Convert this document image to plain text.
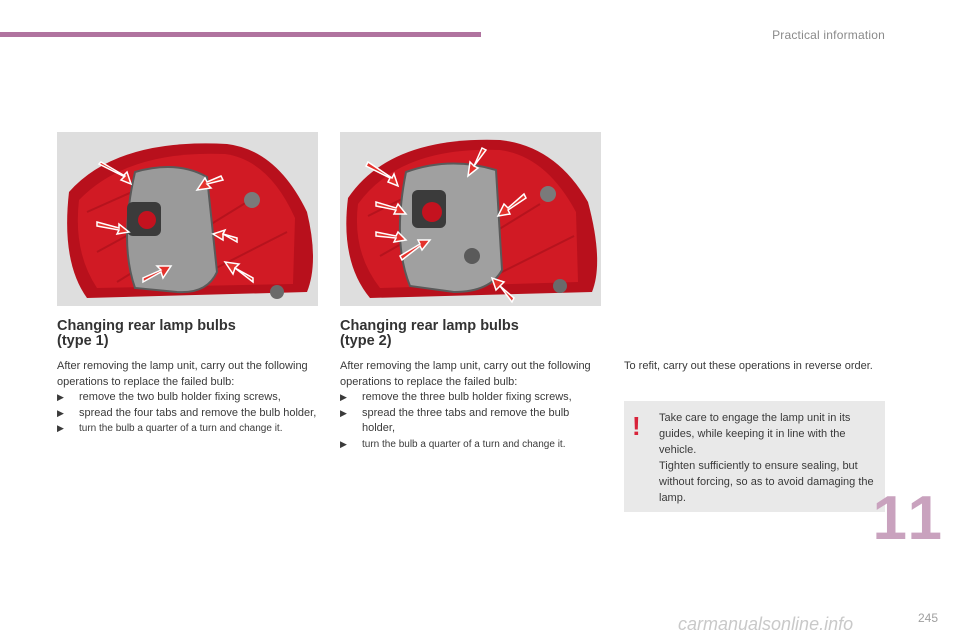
Practical information
Changing rear lamp bulbs
(type 1)
After removing the lamp unit, carry out the following operations to replace the failed bulb:
▶ remove the two bulb holder fixing screws,
▶ spread the four tabs and remove the bulb holder,
▶ turn the bulb a quarter of a turn and change it.
Changing rear lamp bulbs
(type 2)
After removing the lamp unit, carry out the following operations to replace the failed bulb:
▶ remove the three bulb holder fixing screws,
▶ spread the three tabs and remove the bulb holder,
▶ turn the bulb a quarter of a turn and change it.

To refit, carry out these operations in reverse order.

! Take care to engage the lamp unit in its guides, while keeping it in line with the vehicle.
Tighten sufficiently to ensure sealing, but without forcing, so as to avoid damaging the lamp.	11
245
carmanualsonline.info
